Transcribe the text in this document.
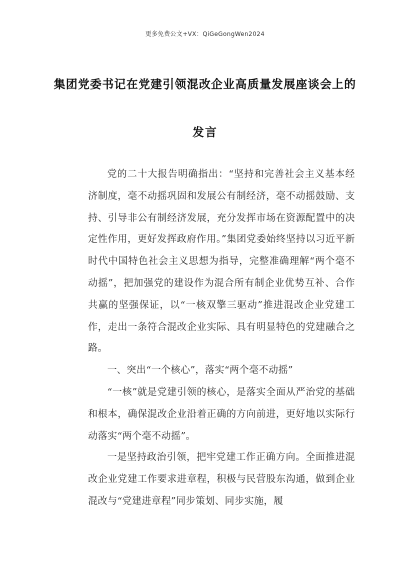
更多免费公文+VX：QiGeGongWen2024
集团党委书记在党建引领混改企业高质量发展座谈会上的
发言

党的二十大报告明确指出：“坚持和完善社会主义基本经济制度，毫不动摇巩固和发展公有制经济，毫不动摇鼓励、支持、引导非公有制经济发展，充分发挥市场在资源配置中的决定性作用，更好发挥政府作用。”集团党委始终坚持以习近平新时代中国特色社会主义思想为指导，完整准确理解“两个毫不动摇”，把加强党的建设作为混合所有制企业优势互补、合作共赢的坚强保证，以“一核双擎三驱动”推进混改企业党建工作，走出一条符合混改企业实际、具有明显特色的党建融合之路。

一、突出“一个核心”，落实“两个毫不动摇”

“一核”就是党建引领的核心，是落实全面从严治党的基础和根本，确保混改企业沿着正确的方向前进，更好地以实际行动落实“两个毫不动摇”。

一是坚持政治引领，把牢党建工作正确方向。全面推进混改企业党建工作要求进章程，积极与民营股东沟通，做到企业混改与“党建进章程”同步策划、同步实施，履
